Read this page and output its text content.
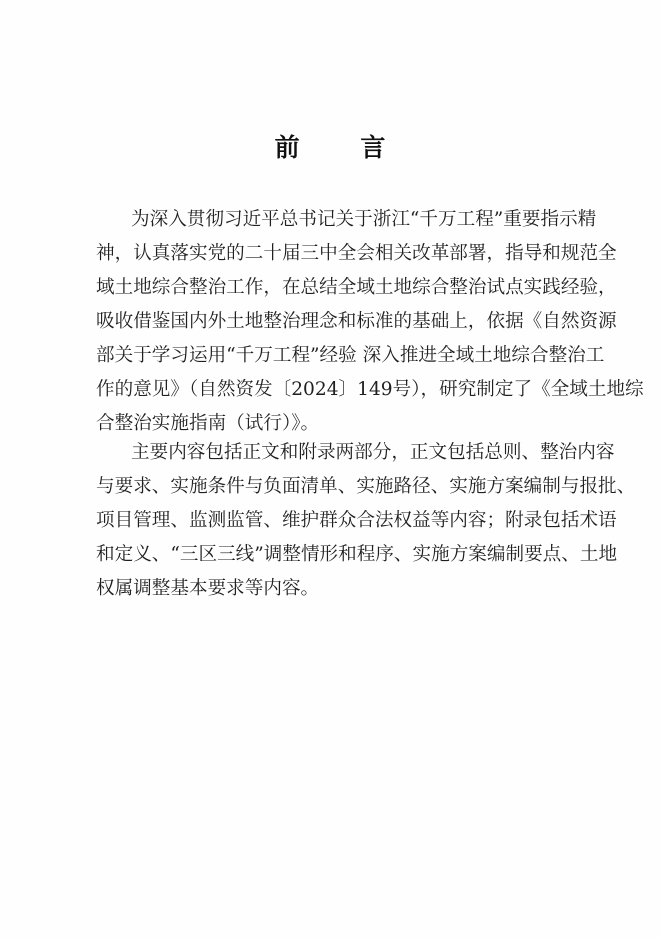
前 言
为深入贯彻习近平总书记关于浙江“千万工程”重要指示精
神，认真落实党的二十届三中全会相关改革部署，指导和规范全
域土地综合整治工作，在总结全域土地综合整治试点实践经验，
吸收借鉴国内外土地整治理念和标准的基础上，依据《自然资源
部关于学习运用“千万工程”经验 深入推进全域土地综合整治工
作的意见》（自然资发〔2024〕149号），研究制定了《全域土地综
合整治实施指南（试行）》。
主要内容包括正文和附录两部分，正文包括总则、整治内容
与要求、实施条件与负面清单、实施路径、实施方案编制与报批、
项目管理、监测监管、维护群众合法权益等内容；附录包括术语
和定义、“三区三线”调整情形和程序、实施方案编制要点、土地
权属调整基本要求等内容。
